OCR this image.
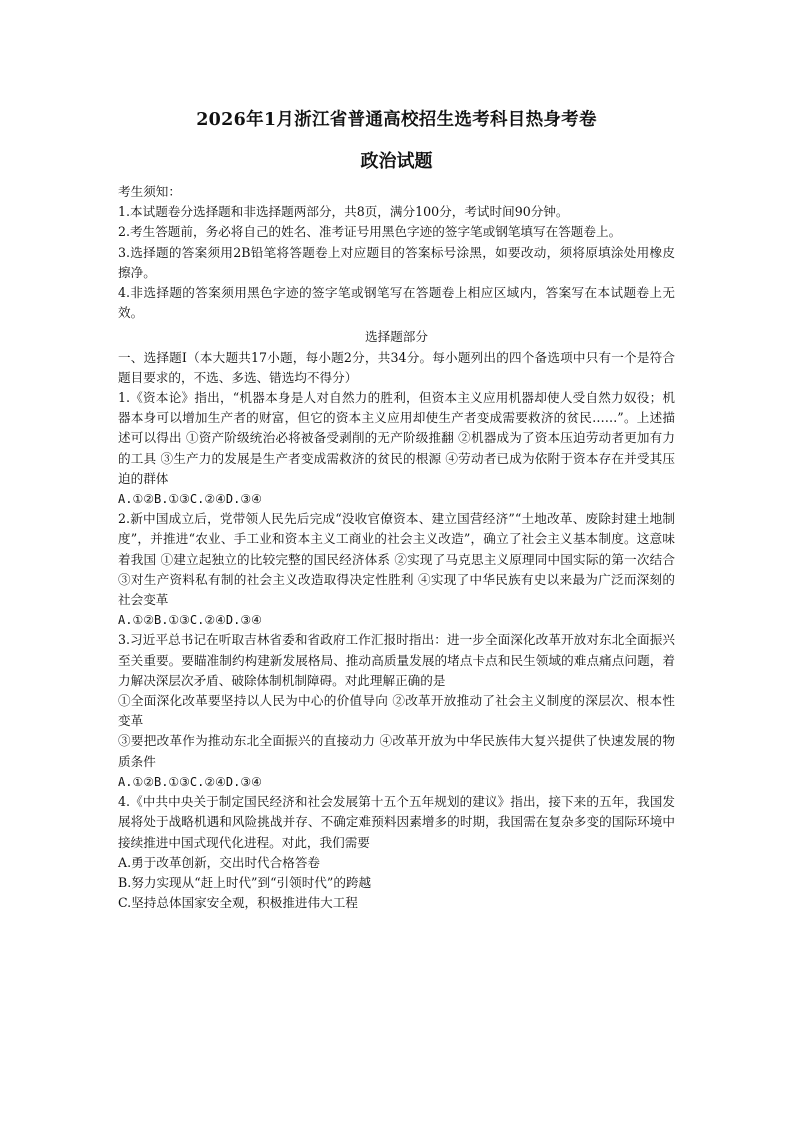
2026年1月浙江省普通高校招生选考科目热身考卷
政治试题

考生须知：

1.本试题卷分选择题和非选择题两部分，共8页，满分100分，考试时间90分钟。

2.考生答题前，务必将自己的姓名、准考证号用黑色字迹的签字笔或钢笔填写在答题卷上。

3.选择题的答案须用2B铅笔将答题卷上对应题目的答案标号涂黑，如要改动，须将原填涂处用橡皮擦净。

4.非选择题的答案须用黑色字迹的签字笔或钢笔写在答题卷上相应区域内，答案写在本试题卷上无效。

选择题部分

一、选择题Ⅰ（本大题共17小题，每小题2分，共34分。每小题列出的四个备选项中只有一个是符合题目要求的，不选、多选、错选均不得分）

1.《资本论》指出，“机器本身是人对自然力的胜利，但资本主义应用机器却使人受自然力奴役；机器本身可以增加生产者的财富，但它的资本主义应用却使生产者变成需要救济的贫民……”。上述描述可以得出 ①资产阶级统治必将被备受剥削的无产阶级推翻 ②机器成为了资本压迫劳动者更加有力的工具 ③生产力的发展是生产者变成需救济的贫民的根源 ④劳动者已成为依附于资本存在并受其压迫的群体

A.①②B.①③C.②④D.③④

2.新中国成立后，党带领人民先后完成“没收官僚资本、建立国营经济”“土地改革、废除封建土地制度”，并推进“农业、手工业和资本主义工商业的社会主义改造”，确立了社会主义基本制度。这意味着我国 ①建立起独立的比较完整的国民经济体系 ②实现了马克思主义原理同中国实际的第一次结合 ③对生产资料私有制的社会主义改造取得决定性胜利 ④实现了中华民族有史以来最为广泛而深刻的社会变革

A.①②B.①③C.②④D.③④

3.习近平总书记在听取吉林省委和省政府工作汇报时指出：进一步全面深化改革开放对东北全面振兴至关重要。要瞄准制约构建新发展格局、推动高质量发展的堵点卡点和民生领域的难点痛点问题，着力解决深层次矛盾、破除体制机制障碍。对此理解正确的是

①全面深化改革要坚持以人民为中心的价值导向 ②改革开放推动了社会主义制度的深层次、根本性变革

③要把改革作为推动东北全面振兴的直接动力 ④改革开放为中华民族伟大复兴提供了快速发展的物质条件

A.①②B.①③C.②④D.③④

4.《中共中央关于制定国民经济和社会发展第十五个五年规划的建议》指出，接下来的五年，我国发展将处于战略机遇和风险挑战并存、不确定难预料因素增多的时期，我国需在复杂多变的国际环境中接续推进中国式现代化进程。对此，我们需要

A.勇于改革创新，交出时代合格答卷

B.努力实现从“赶上时代”到“引领时代”的跨越

C.坚持总体国家安全观，积极推进伟大工程
